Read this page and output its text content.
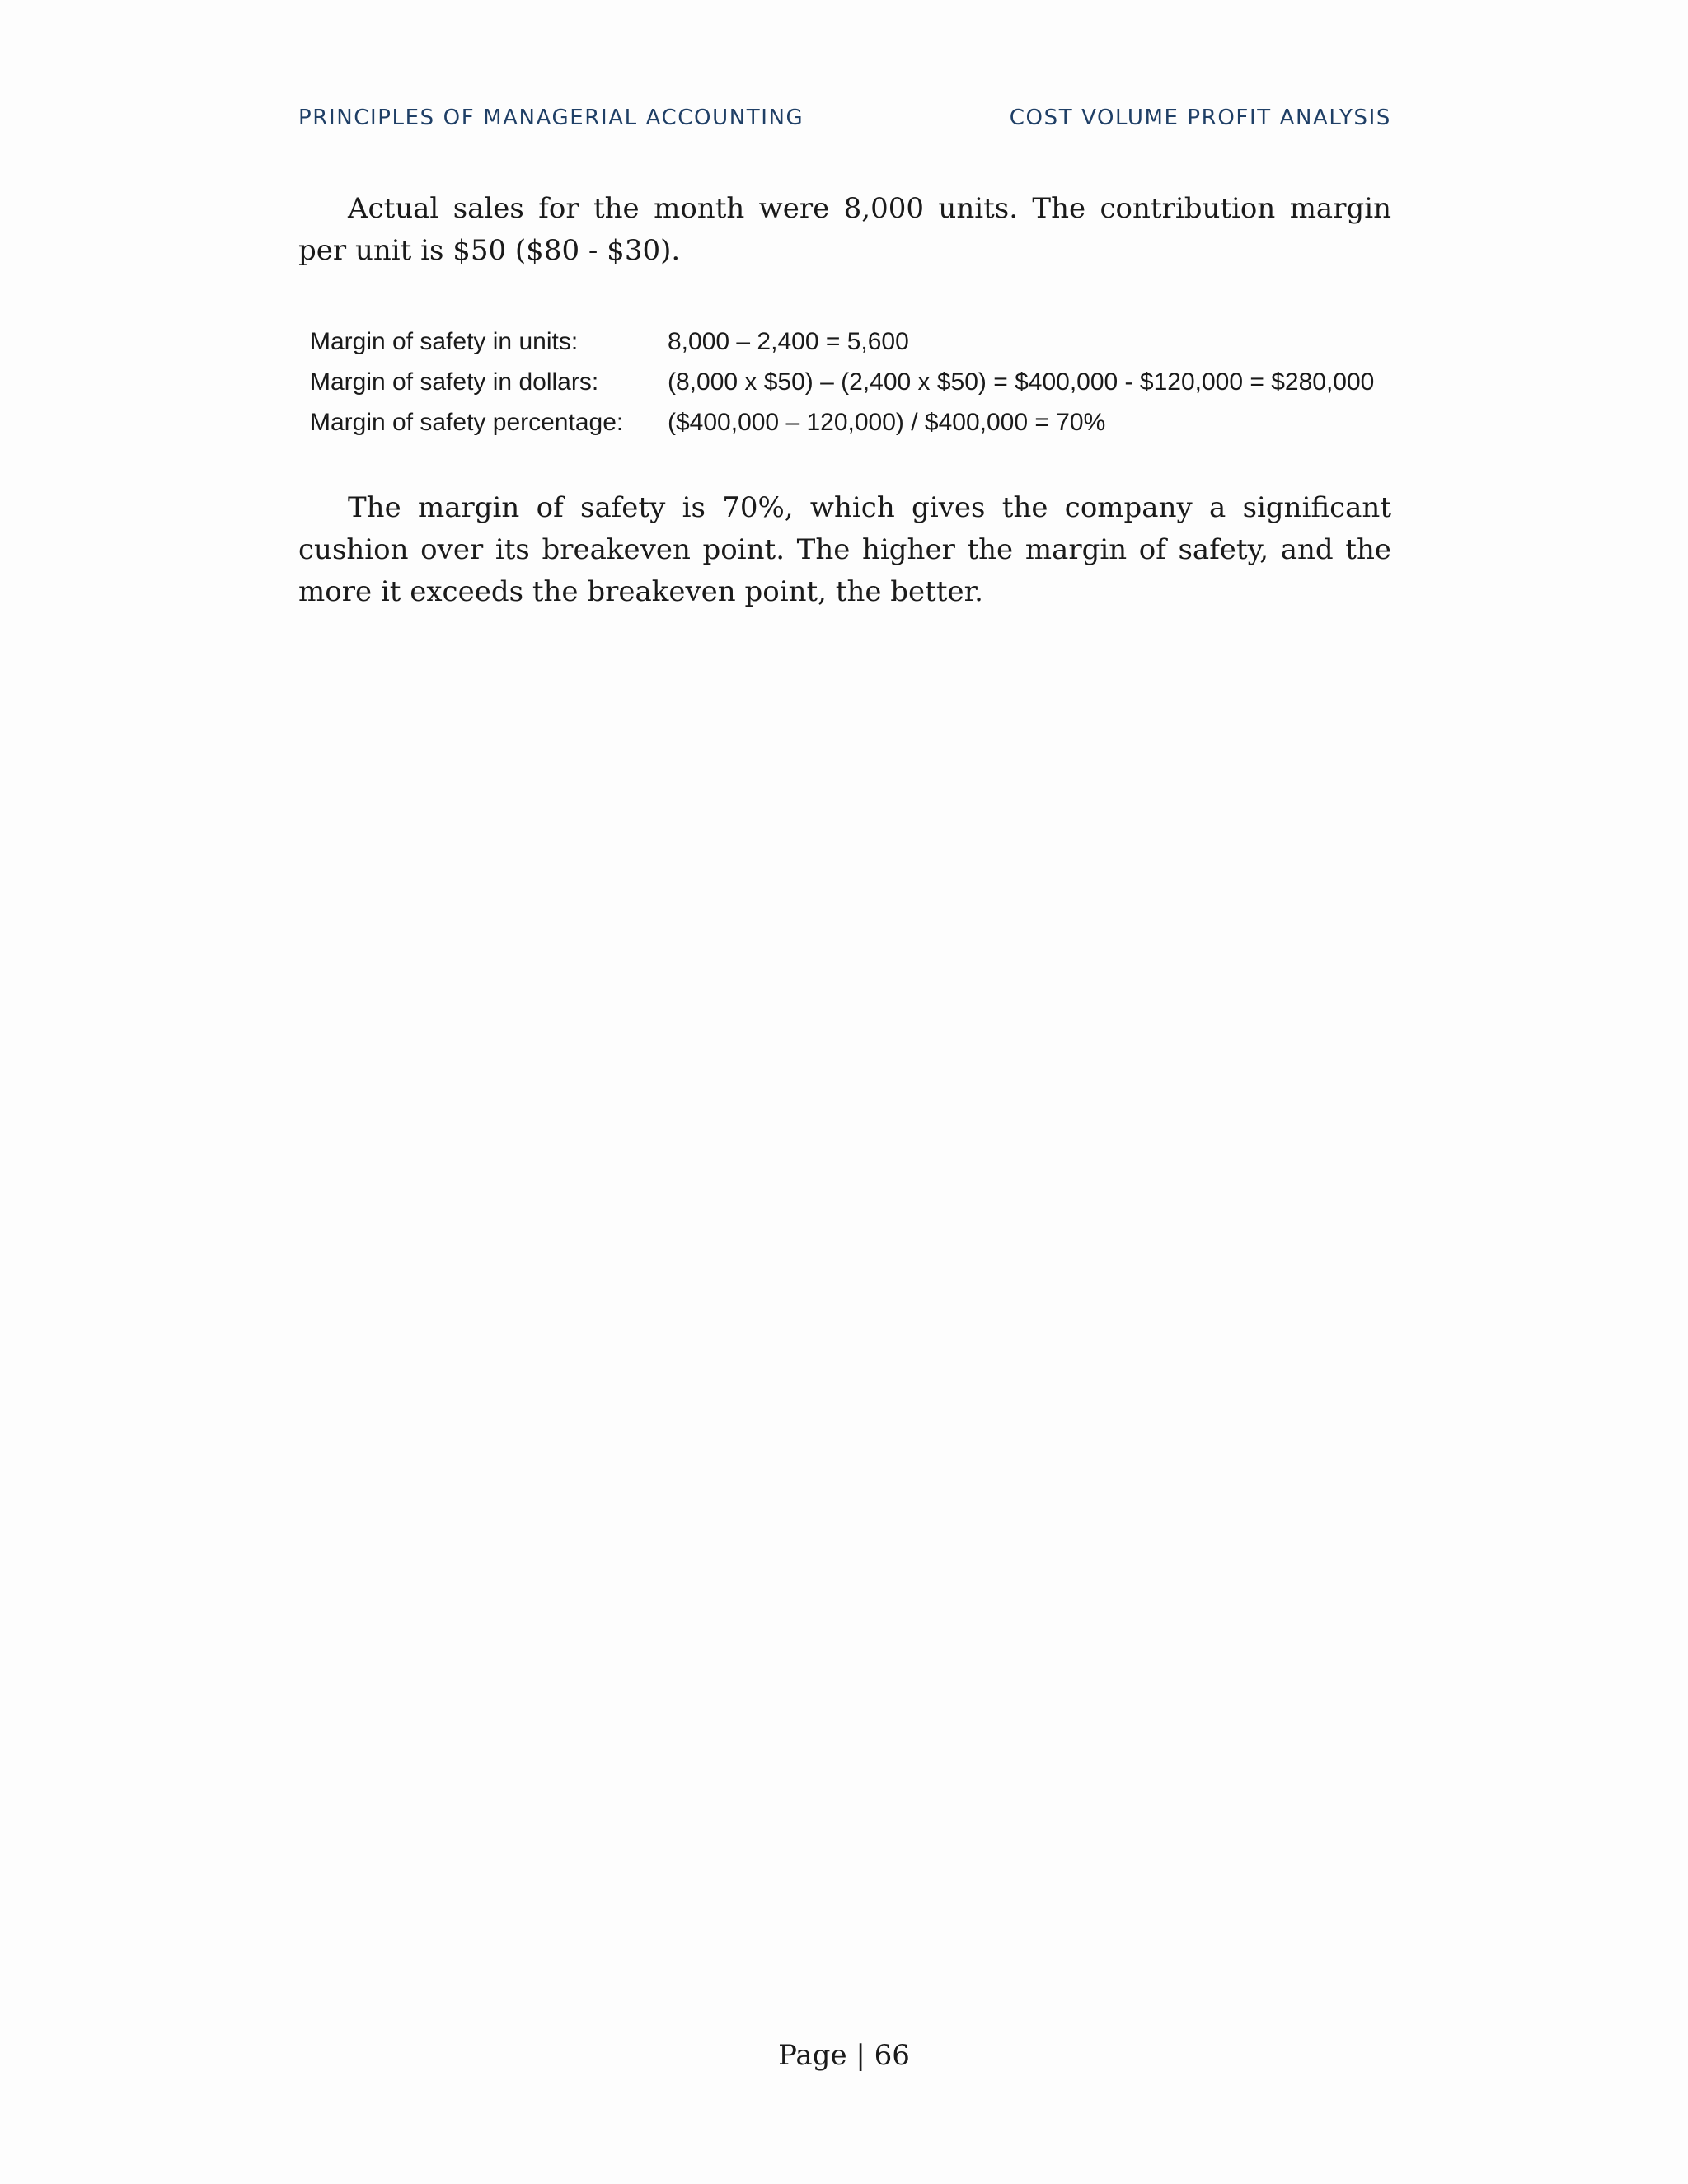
PRINCIPLES OF MANAGERIAL ACCOUNTING	COST VOLUME PROFIT ANALYSIS

Actual sales for the month were 8,000 units. The contribution margin per unit is $50 ($80 - $30).

Margin of safety in units:	8,000 – 2,400 = 5,600
Margin of safety in dollars:	(8,000 x $50) – (2,400 x $50) = $400,000 - $120,000 = $280,000
Margin of safety percentage:	($400,000 – 120,000) / $400,000 = 70%

The margin of safety is 70%, which gives the company a significant cushion over its breakeven point. The higher the margin of safety, and the more it exceeds the breakeven point, the better.

Page | 66
